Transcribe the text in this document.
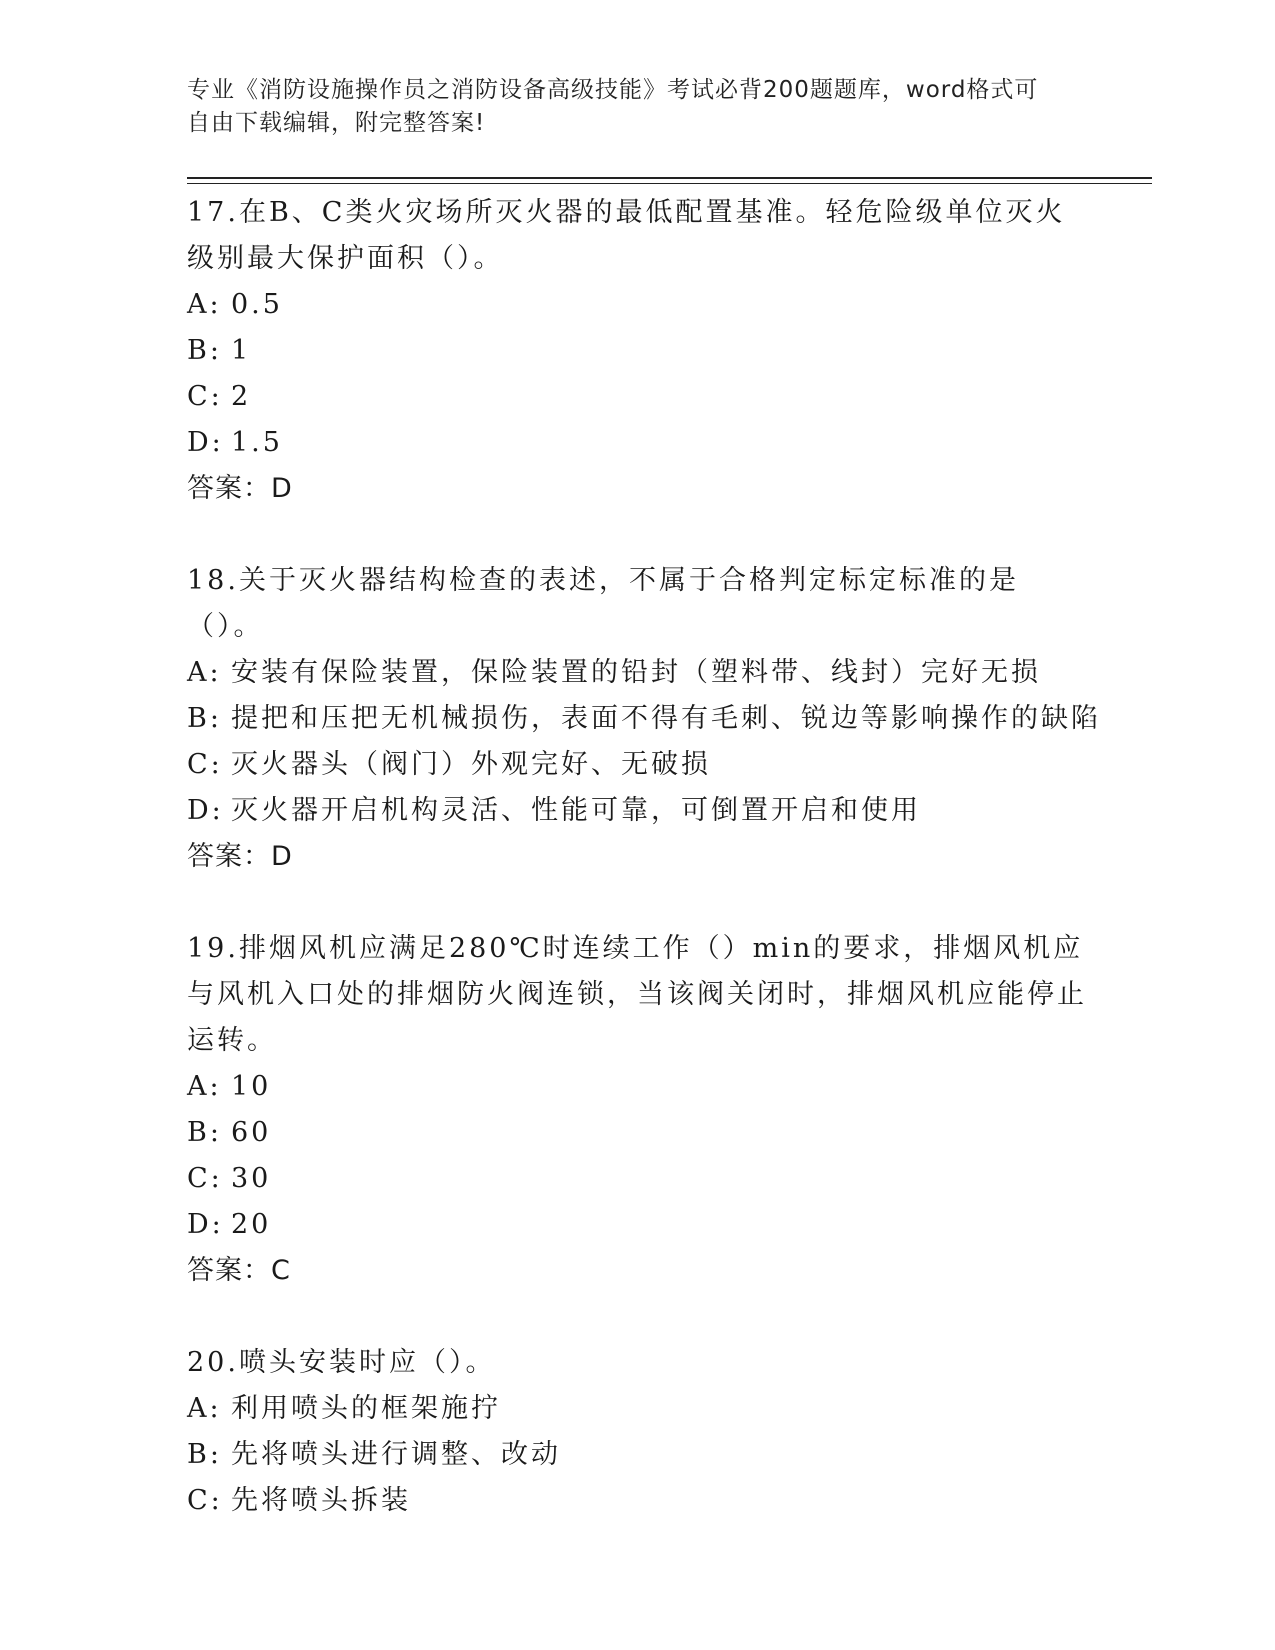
专业《消防设施操作员之消防设备高级技能》考试必背200题题库，word格式可
自由下载编辑，附完整答案!

17.在B、C类火灾场所灭火器的最低配置基准。轻危险级单位灭火级别最大保护面积（）。

A: 0.5

B: 1

C: 2

D: 1.5

答案：D

18.关于灭火器结构检查的表述，不属于合格判定标定标准的是（）。

A: 安装有保险装置，保险装置的铅封（塑料带、线封）完好无损

B: 提把和压把无机械损伤，表面不得有毛刺、锐边等影响操作的缺陷

C: 灭火器头（阀门）外观完好、无破损

D: 灭火器开启机构灵活、性能可靠，可倒置开启和使用

答案：D

19.排烟风机应满足280℃时连续工作（）min的要求，排烟风机应与风机入口处的排烟防火阀连锁，当该阀关闭时，排烟风机应能停止运转。

A: 10

B: 60

C: 30

D: 20

答案：C

20.喷头安装时应（）。

A: 利用喷头的框架施拧

B: 先将喷头进行调整、改动

C: 先将喷头拆装
